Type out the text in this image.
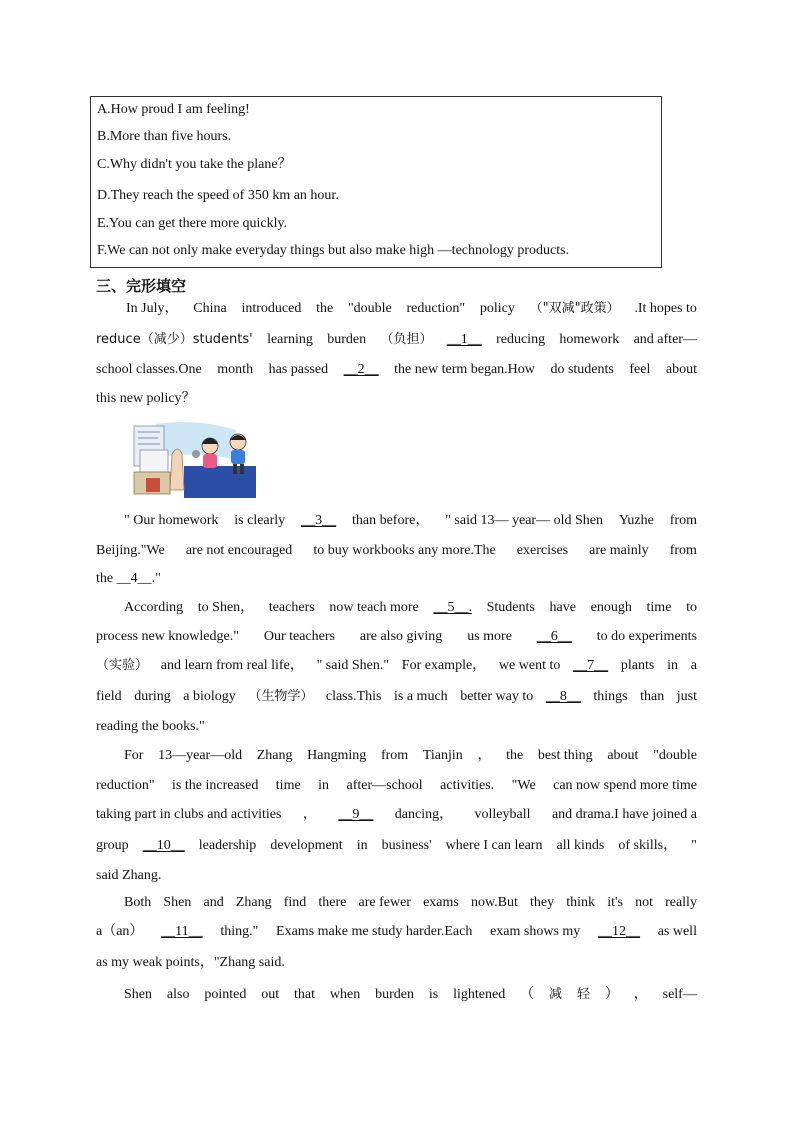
A.How proud I am feeling!
B.More than five hours.
C.Why didn't you take the plane？
D.They reach the speed of 350 km an hour.
E.You can get there more quickly.
F.We can not only make everyday things but also make high —technology products.
三、完形填空
In July， China introduced the "double reduction" policy （"双减"政策） .It hopes to
reduce（减少）students' learning burden （负担） __1__ reducing homework and after—
school classes.One month has passed __2__ the new term began.How do students feel about
this new policy？
" Our homework is clearly __3__ than before， " said 13— year— old Shen Yuzhe from
Beijing."We are not encouraged to buy workbooks any more.The exercises are mainly from
the __4__."
According to Shen， teachers now teach more __5__. Students have enough time to
process new knowledge." Our teachers are also giving us more __6__ to do experiments
（实验） and learn from real life， " said Shen." For example， we went to __7__ plants in a
field during a biology （生物学） class.This is a much better way to __8__ things than just
reading the books."
For 13—year—old Zhang Hangming from Tianjin ， the best thing about "double
reduction" is the increased time in after—school activities. "We can now spend more time
taking part in clubs and activities ， __9__ dancing， volleyball and drama.I have joined a
group __10__ leadership development in business' where I can learn all kinds of skills， "
said Zhang.
Both Shen and Zhang find there are fewer exams now.But they think it's not really
a（an） __11__ thing." Exams make me study harder.Each exam shows my __12__ as well
as my weak points，"Zhang said.
Shen also pointed out that when burden is lightened （ 减 轻 ） ， self—
